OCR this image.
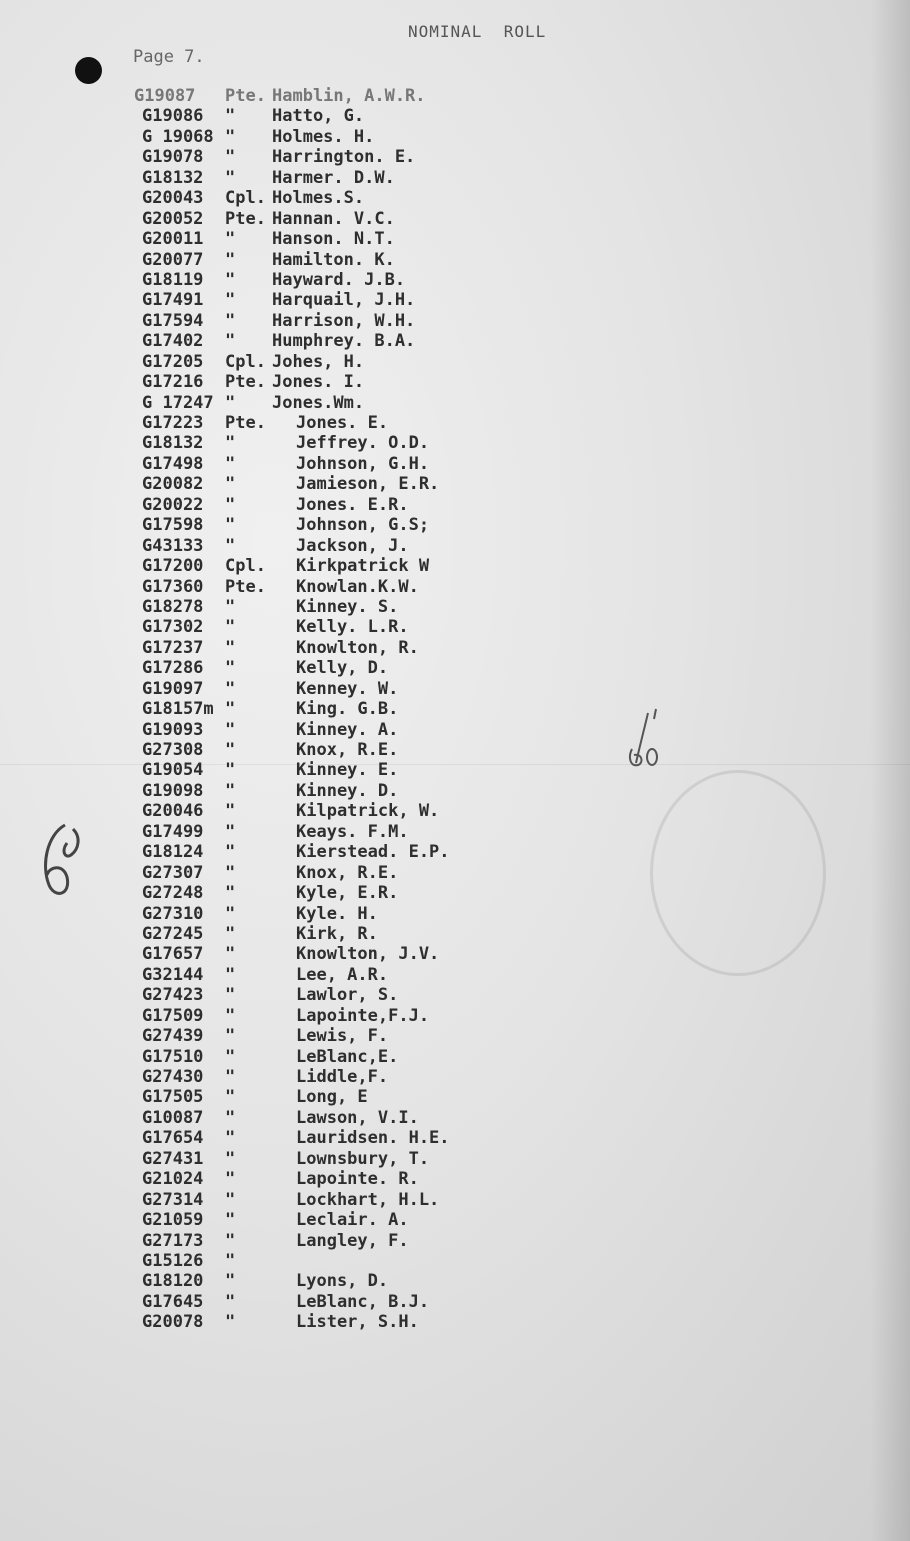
NOMINAL  ROLL
Page 7.
G19087 Pte. Hamblin, A.W.R.
G19086 " Hatto, G.
G 19068 " Holmes. H.
G19078 " Harrington. E.
G18132 " Harmer. D.W.
G20043 Cpl. Holmes.S.
G20052 Pte. Hannan. V.C.
G20011 " Hanson. N.T.
G20077 " Hamilton. K.
G18119 " Hayward. J.B.
G17491 " Harquail, J.H.
G17594 " Harrison, W.H.
G17402 " Humphrey. B.A.
G17205 Cpl. Johes, H.
G17216 Pte. Jones. I.
G 17247 " Jones.Wm.
G17223 Pte. Jones. E.
G18132 "	Jeffrey. O.D.
G17498 "	Johnson, G.H.
G20082 "	Jamieson, E.R.
G20022 "	Jones. E.R.
G17598 "	Johnson, G.S;
G43133 "	Jackson, J.
G17200 Cpl. Kirkpatrick W
G17360 Pte. Knowlan.K.W.
G18278 "	Kinney. S.
G17302 "	Kelly. L.R.
G17237 "	Knowlton, R.
G17286 "	Kelly, D.
G19097 "	Kenney. W.
G18157m "	King. G.B.
G19093 "	Kinney. A.
G27308 "	Knox, R.E.
G19054 "	Kinney. E.
G19098 "	Kinney. D.
G20046 "	Kilpatrick, W.
G17499 "	Keays. F.M.
G18124 "	Kierstead. E.P.
G27307 "	Knox, R.E.
G27248 "	Kyle, E.R.
G27310 "	Kyle. H.
G27245 "	Kirk, R.
G17657 "	Knowlton, J.V.
G32144 "	Lee, A.R.
G27423 "	Lawlor, S.
G17509 "	Lapointe,F.J.
G27439 "	Lewis, F.
G17510 "	LeBlanc,E.
G27430 "	Liddle,F.
G17505 "	Long, E
G10087 "	Lawson, V.I.
G17654 "	Lauridsen. H.E.
G27431 "	Lownsbury, T.
G21024 "	Lapointe. R.
G27314 "	Lockhart, H.L.
G21059 "	Leclair. A.
G27173 "	Langley, F.
G15126 "
G18120 "	Lyons, D.
G17645 "	LeBlanc, B.J.
G20078 "	Lister, S.H.
